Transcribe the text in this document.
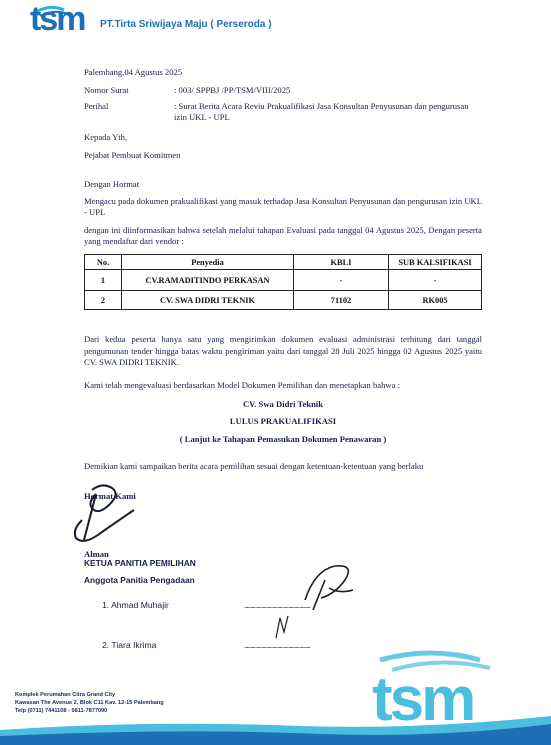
tsm PT.Tirta Sriwijaya Maju ( Perseroda )
Palembang,04 Agustus 2025
Nomor Surat	: 003/ SPPBJ /PP/TSM/VIII/2025
Perihal	: Surat Berita Acara Reviu Prakualifikasi Jasa Konsultan Penyusunan dan pengurusan izin UKL - UPL
Kepada Yth,
Pejabat Pembuat Komitmen
Dengan Hormat
Mengacu pada dokumen prakualifikasi yang masuk terhadap Jasa Konsultan Penyusunan dan pengurusan izin UKL - UPL
dengan ini diinformasikan bahwa setelah melalui tahapan Evaluasi pada tanggal 04 Agustus 2025, Dengan peserta yang mendaftar dari vendor :
No.	Penyedia	KBLI	SUB KALSIFIKASI
1	CV.RAMADITINDO PERKASAN	-	-
2	CV. SWA DIDRI TEKNIK	71102	RK005
Dari kedua peserta hanya satu yang mengirimkan dokumen evaluasi administrasi terhitung dari tanggal pengumunan tender hingga batas waktu pengiriman yaitu dari tanggal 28 Juli 2025 hingga 02 Agustus 2025 yaitu CV. SWA DIDRI TEKNIK.
Kami telah mengevaluasi berdasarkan Model Dokumen Pemilihan dan menetapkan bahwa :
CV. Swa Didri Teknik
LULUS PRAKUALIFIKASI
( Lanjut ke Tahapan Pemasukan Dokumen Penawaran )
Demikian kami sampaikan berita acara pemilihan sesuai dengan ketentuan-ketentuan yang berlaku
Hormat Kami
Alman
KETUA PANITIA PEMILIHAN
Anggota Panitia Pengadaan
1. Ahmad Muhajir	......................................................
2. Tiara Ikrima	......................................................
Komplek Perumahan Citra Grand City
Kawasan The Avenue 2, Blok C11 Kav. 12-15 Palembang
Telp (0711) 7441108 - 0811-7877090	tsm
